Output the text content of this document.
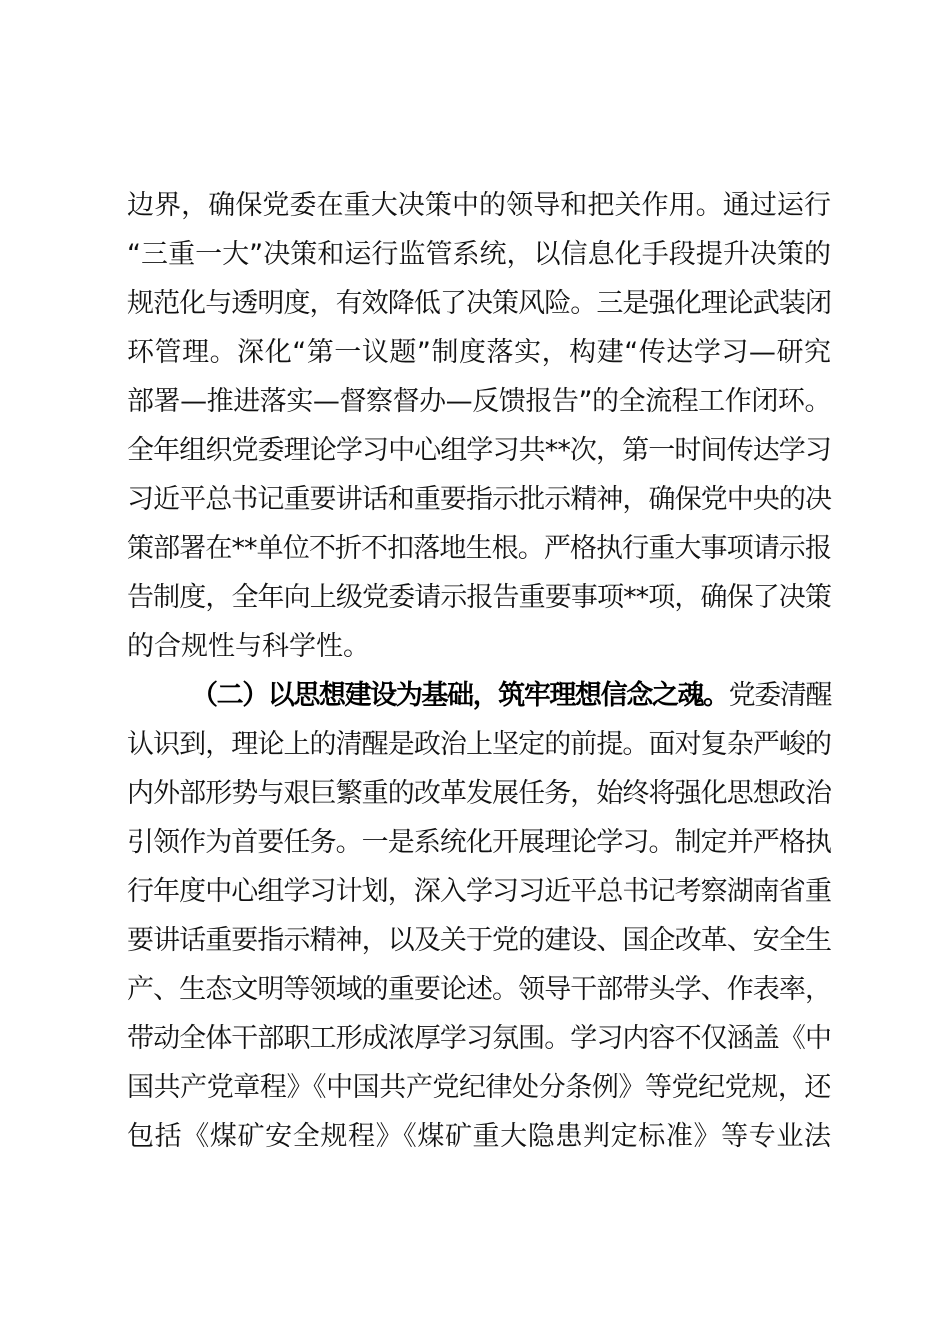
边界，确保党委在重大决策中的领导和把关作用。通过运行
“三重一大”决策和运行监管系统，以信息化手段提升决策的
规范化与透明度，有效降低了决策风险。三是强化理论武装闭
环管理。深化“第一议题”制度落实，构建“传达学习—研究
部署—推进落实—督察督办—反馈报告”的全流程工作闭环。
全年组织党委理论学习中心组学习共**次，第一时间传达学习
习近平总书记重要讲话和重要指示批示精神，确保党中央的决
策部署在**单位不折不扣落地生根。严格执行重大事项请示报
告制度，全年向上级党委请示报告重要事项**项，确保了决策
的合规性与科学性。
（二）以思想建设为基础，筑牢理想信念之魂。党委清醒
认识到，理论上的清醒是政治上坚定的前提。面对复杂严峻的
内外部形势与艰巨繁重的改革发展任务，始终将强化思想政治
引领作为首要任务。一是系统化开展理论学习。制定并严格执
行年度中心组学习计划，深入学习习近平总书记考察湖南省重
要讲话重要指示精神，以及关于党的建设、国企改革、安全生
产、生态文明等领域的重要论述。领导干部带头学、作表率，
带动全体干部职工形成浓厚学习氛围。学习内容不仅涵盖《中
国共产党章程》《中国共产党纪律处分条例》等党纪党规，还
包括《煤矿安全规程》《煤矿重大隐患判定标准》等专业法
